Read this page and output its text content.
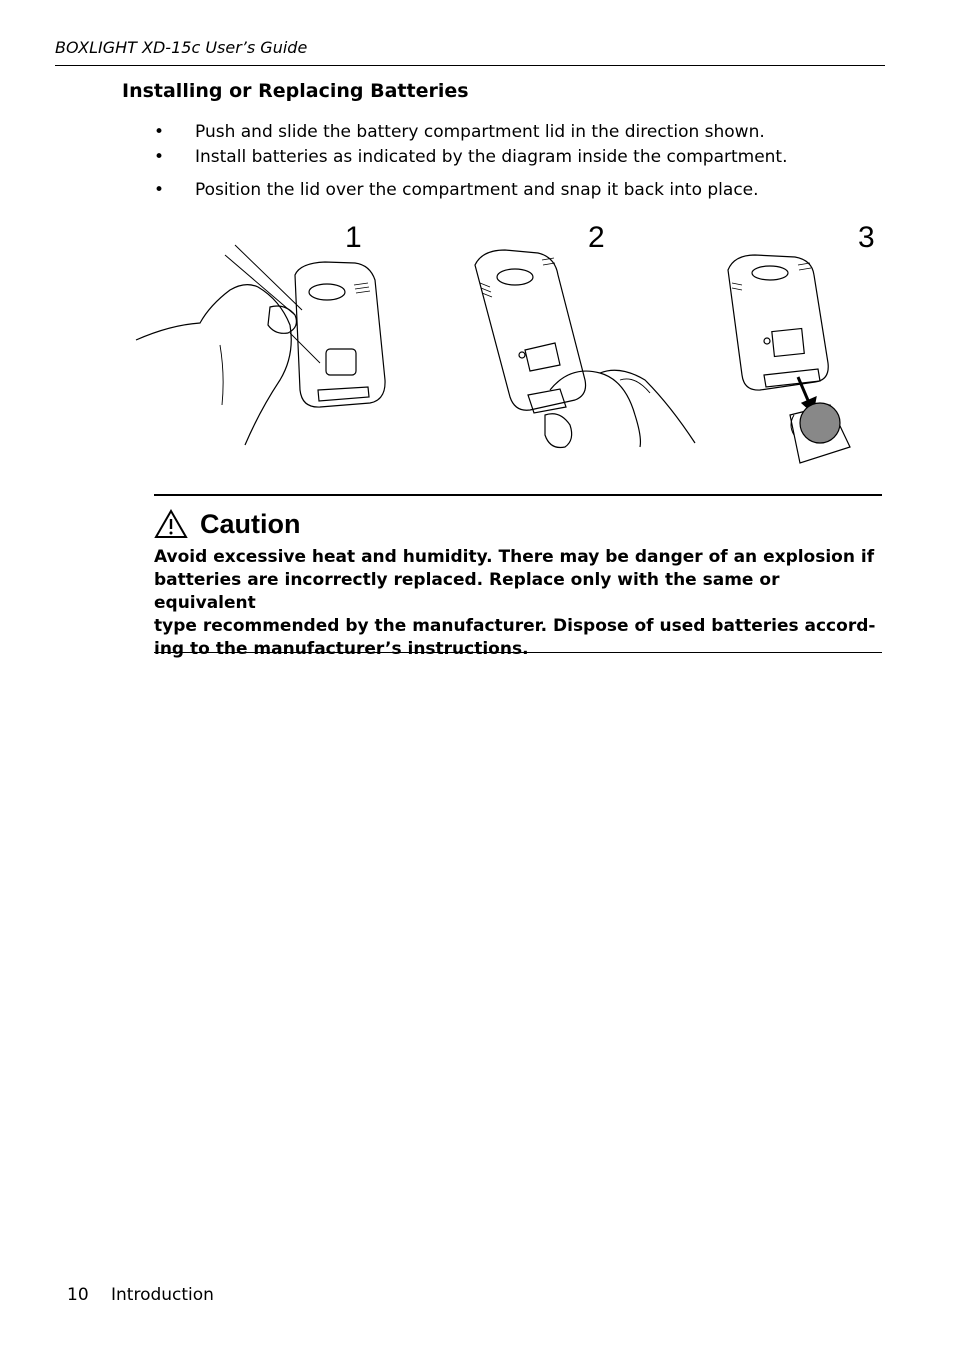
BOXLIGHT XD-15c User’s Guide
Installing or Replacing Batteries
• Push and slide the battery compartment lid in the direction shown.
• Install batteries as indicated by the diagram inside the compartment.
• Position the lid over the compartment and snap it back into place.
1	2	3
Caution
Avoid excessive heat and humidity. There may be danger of an explosion if
batteries are incorrectly replaced. Replace only with the same or equivalent
type recommended by the manufacturer. Dispose of used batteries accord-
ing to the manufacturer’s instructions.
10 Introduction
